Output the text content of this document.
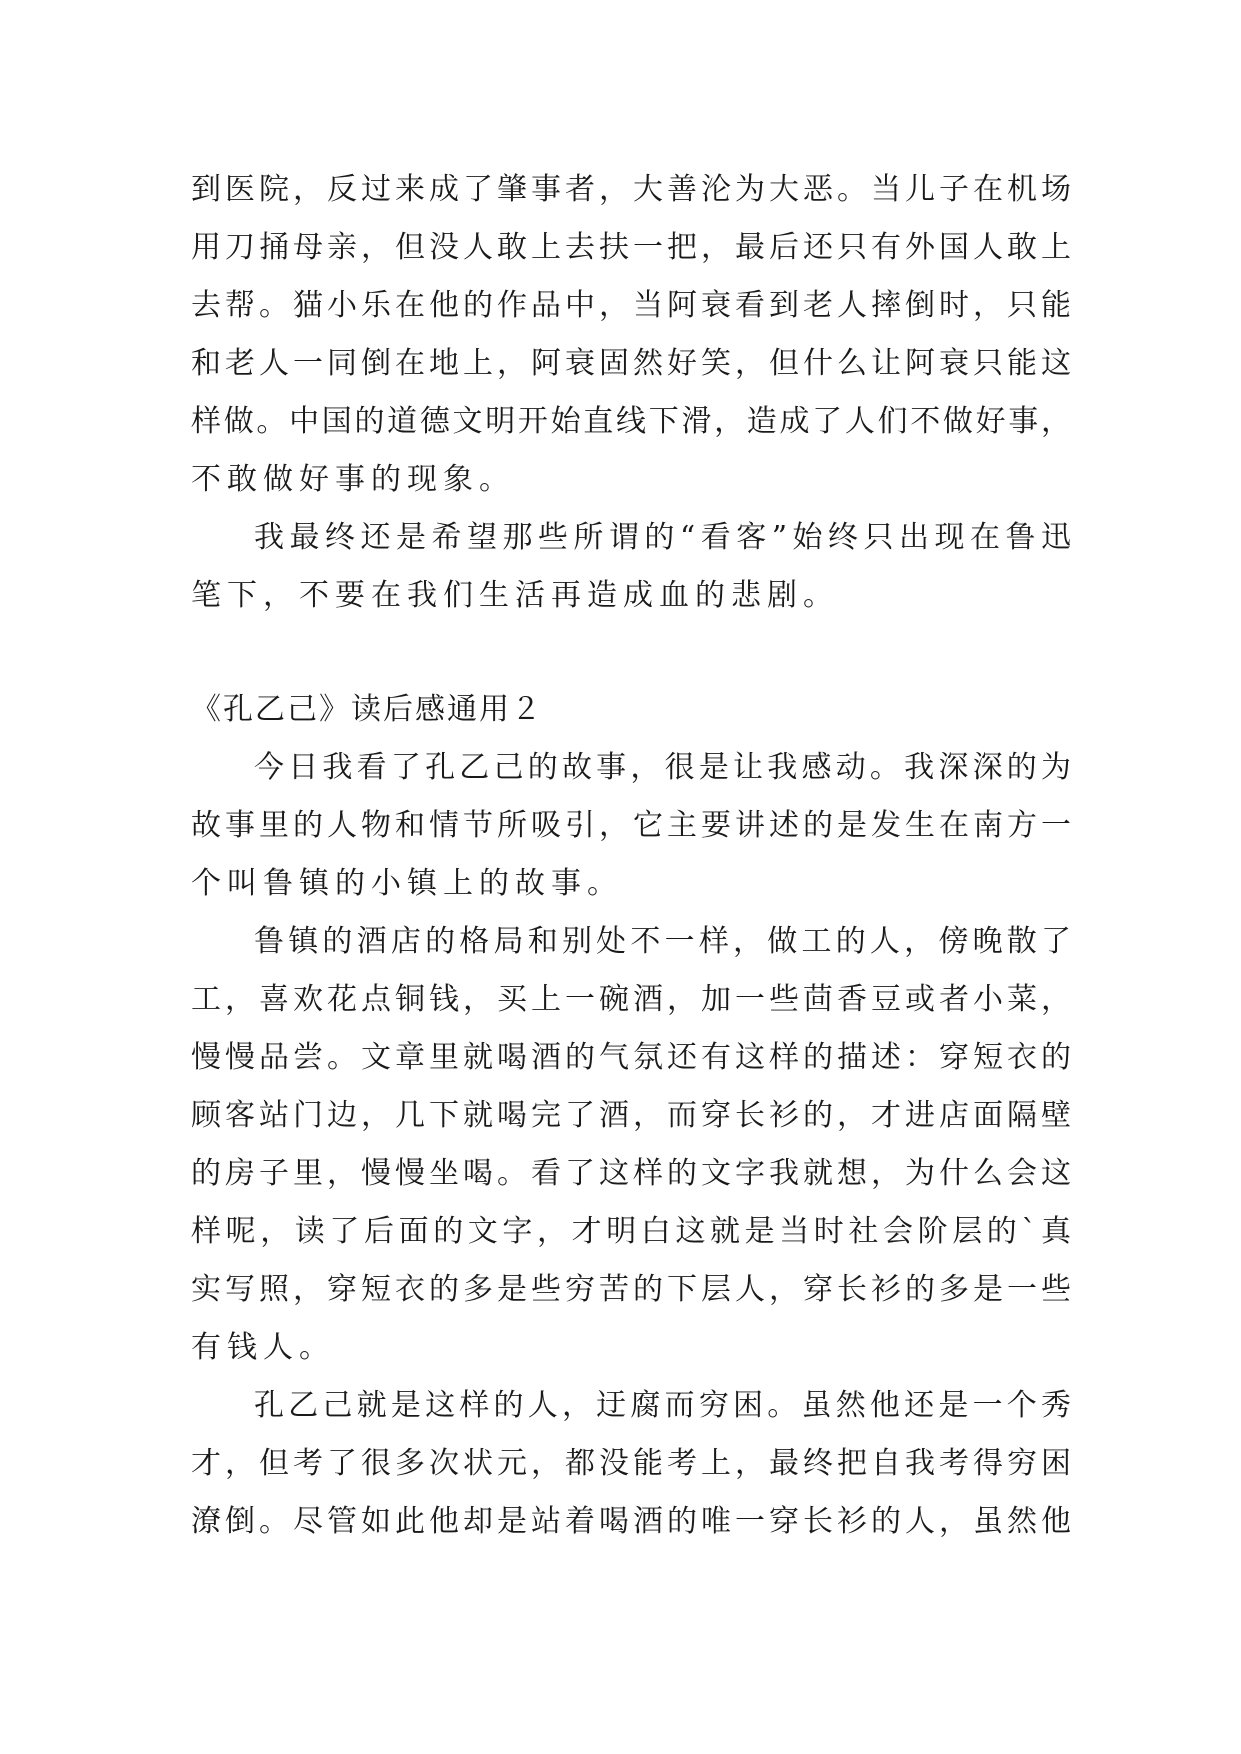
到医院，反过来成了肇事者，大善沦为大恶。当儿子在机场
用刀捅母亲，但没人敢上去扶一把，最后还只有外国人敢上
去帮。猫小乐在他的作品中，当阿衰看到老人摔倒时，只能
和老人一同倒在地上，阿衰固然好笑，但什么让阿衰只能这
样做。中国的道德文明开始直线下滑，造成了人们不做好事，
不敢做好事的现象。
我最终还是希望那些所谓的“看客”始终只出现在鲁迅
笔下，不要在我们生活再造成血的悲剧。
《孔乙己》读后感通用２
今日我看了孔乙己的故事，很是让我感动。我深深的为
故事里的人物和情节所吸引，它主要讲述的是发生在南方一
个叫鲁镇的小镇上的故事。
鲁镇的酒店的格局和别处不一样，做工的人，傍晚散了
工，喜欢花点铜钱，买上一碗酒，加一些茴香豆或者小菜，
慢慢品尝。文章里就喝酒的气氛还有这样的描述：穿短衣的
顾客站门边，几下就喝完了酒，而穿长衫的，才进店面隔壁
的房子里，慢慢坐喝。看了这样的文字我就想，为什么会这
样呢，读了后面的文字，才明白这就是当时社会阶层的`真
实写照，穿短衣的多是些穷苦的下层人，穿长衫的多是一些
有钱人。
孔乙己就是这样的人，迂腐而穷困。虽然他还是一个秀
才，但考了很多次状元，都没能考上，最终把自我考得穷困
潦倒。尽管如此他却是站着喝酒的唯一穿长衫的人，虽然他
